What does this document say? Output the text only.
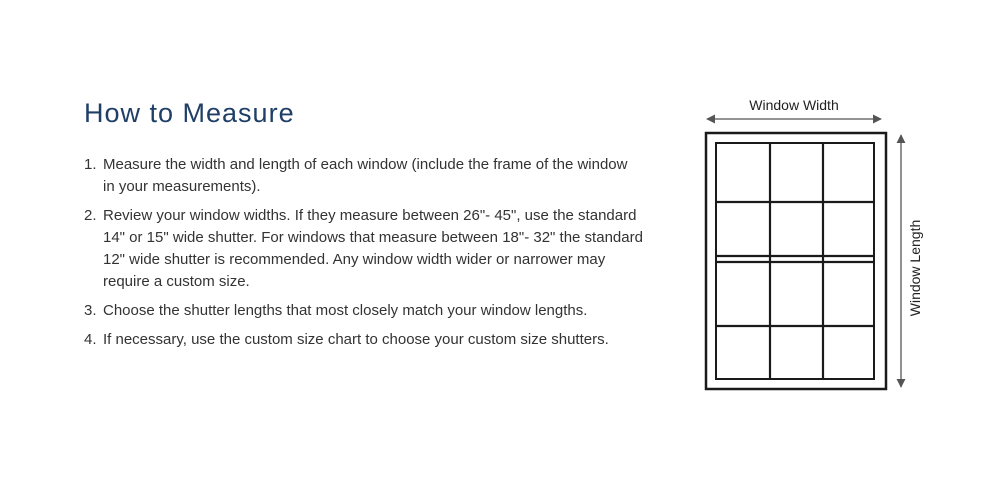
How to Measure
1. Measure the width and length of each window (include the frame of the window in your measurements).
2. Review your window widths. If they measure between 26"- 45", use the standard 14" or 15" wide shutter. For windows that measure between 18"- 32" the standard 12" wide shutter is recommended. Any window width wider or narrower may require a custom size.
3. Choose the shutter lengths that most closely match your window lengths.
4. If necessary, use the custom size chart to choose your custom size shutters.
Window Width
Window Length
